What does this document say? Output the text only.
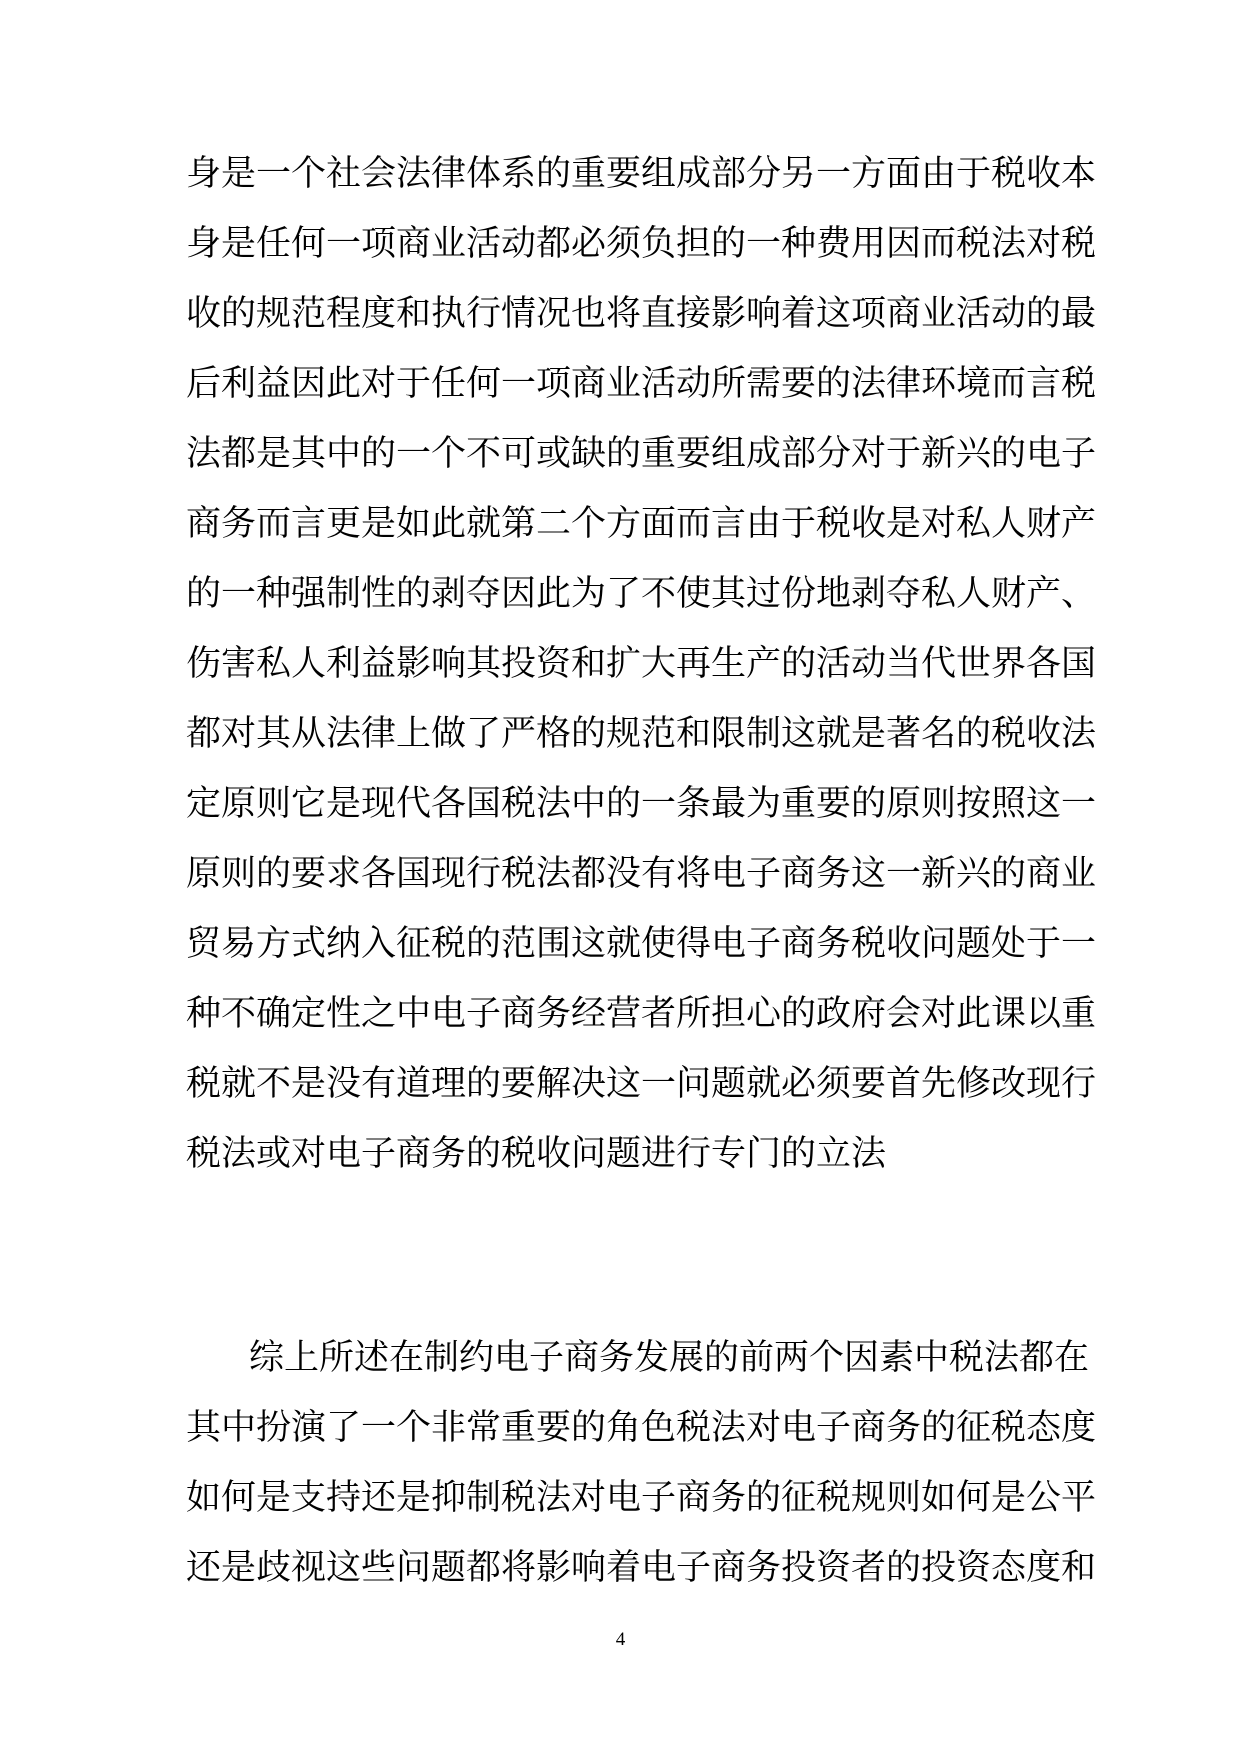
身是一个社会法律体系的重要组成部分另一方面由于税收本
身是任何一项商业活动都必须负担的一种费用因而税法对税
收的规范程度和执行情况也将直接影响着这项商业活动的最
后利益因此对于任何一项商业活动所需要的法律环境而言税
法都是其中的一个不可或缺的重要组成部分对于新兴的电子
商务而言更是如此就第二个方面而言由于税收是对私人财产
的一种强制性的剥夺因此为了不使其过份地剥夺私人财产、
伤害私人利益影响其投资和扩大再生产的活动当代世界各国
都对其从法律上做了严格的规范和限制这就是著名的税收法
定原则它是现代各国税法中的一条最为重要的原则按照这一
原则的要求各国现行税法都没有将电子商务这一新兴的商业
贸易方式纳入征税的范围这就使得电子商务税收问题处于一
种不确定性之中电子商务经营者所担心的政府会对此课以重
税就不是没有道理的要解决这一问题就必须要首先修改现行
税法或对电子商务的税收问题进行专门的立法
综上所述在制约电子商务发展的前两个因素中税法都在
其中扮演了一个非常重要的角色税法对电子商务的征税态度
如何是支持还是抑制税法对电子商务的征税规则如何是公平
还是歧视这些问题都将影响着电子商务投资者的投资态度和
4
